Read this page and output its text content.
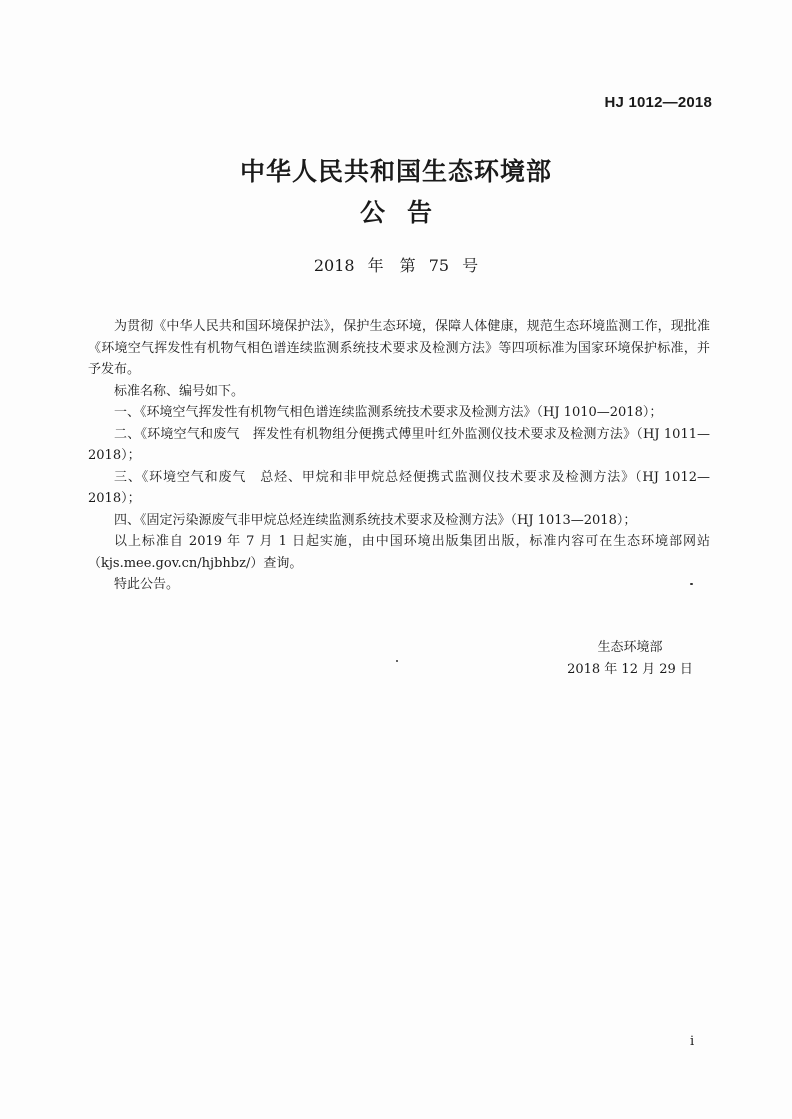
HJ 1012—2018
中华人民共和国生态环境部
公告
2018 年　第 75 号

为贯彻《中华人民共和国环境保护法》，保护生态环境，保障人体健康，规范生态环境监测工作，现批准《环境空气挥发性有机物气相色谱连续监测系统技术要求及检测方法》等四项标准为国家环境保护标准，并予发布。

标准名称、编号如下。

一、《环境空气挥发性有机物气相色谱连续监测系统技术要求及检测方法》（HJ 1010—2018）；

二、《环境空气和废气　挥发性有机物组分便携式傅里叶红外监测仪技术要求及检测方法》（HJ 1011—2018）；

三、《环境空气和废气　总烃、甲烷和非甲烷总烃便携式监测仪技术要求及检测方法》（HJ 1012—2018）；

四、《固定污染源废气非甲烷总烃连续监测系统技术要求及检测方法》（HJ 1013—2018）；

以上标准自 2019 年 7 月 1 日起实施，由中国环境出版集团出版，标准内容可在生态环境部网站（kjs.mee.gov.cn/hjbhbz/）查询。

特此公告。

生态环境部
2018 年 12 月 29 日
i
